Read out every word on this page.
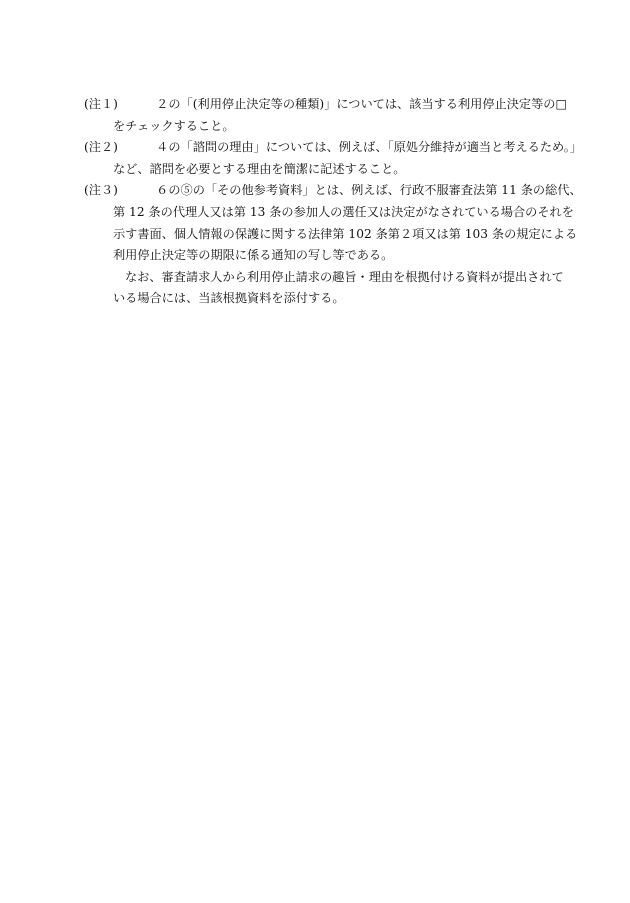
(注１)	　２の「(利用停止決定等の種類)」については、該当する利用停止決定等の□
をチェックすること。
(注２)	　４の「諮問の理由」については、例えば、「原処分維持が適当と考えるため。」
など、諮問を必要とする理由を簡潔に記述すること。
(注３)	　６の⑤の「その他参考資料」とは、例えば、行政不服審査法第 11 条の総代、
第 12 条の代理人又は第 13 条の参加人の選任又は決定がなされている場合のそれを
示す書面、個人情報の保護に関する法律第 102 条第２項又は第 103 条の規定による
利用停止決定等の期限に係る通知の写し等である。
なお、審査請求人から利用停止請求の趣旨・理由を根拠付ける資料が提出されて
いる場合には、当該根拠資料を添付する。
